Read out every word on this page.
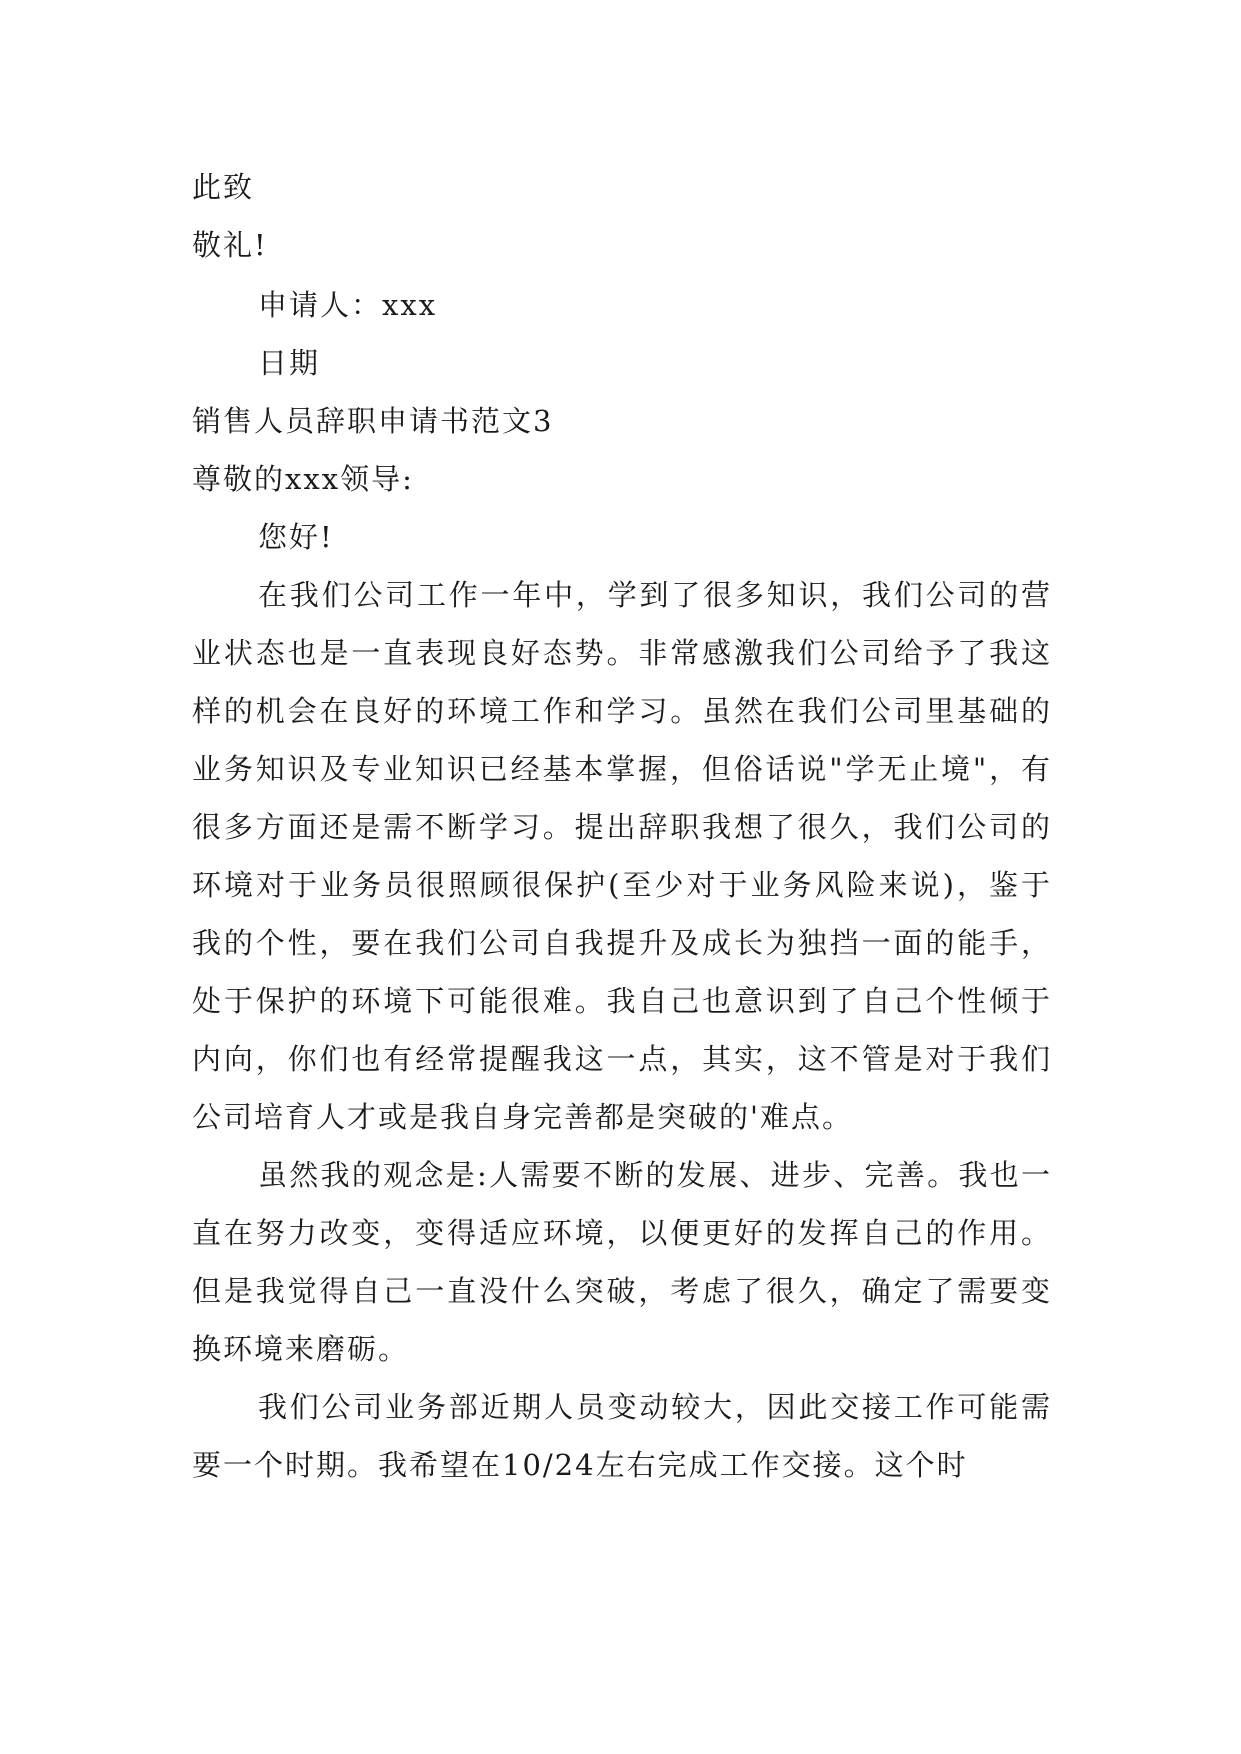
此致
敬礼!
申请人：xxx
日期
销售人员辞职申请书范文3
尊敬的xxx领导:
您好!
在我们公司工作一年中，学到了很多知识，我们公司的营业状态也是一直表现良好态势。非常感激我们公司给予了我这样的机会在良好的环境工作和学习。虽然在我们公司里基础的业务知识及专业知识已经基本掌握，但俗话说"学无止境"，有很多方面还是需不断学习。提出辞职我想了很久，我们公司的环境对于业务员很照顾很保护(至少对于业务风险来说)，鉴于我的个性，要在我们公司自我提升及成长为独挡一面的能手，处于保护的环境下可能很难。我自己也意识到了自己个性倾于内向，你们也有经常提醒我这一点，其实，这不管是对于我们公司培育人才或是我自身完善都是突破的'难点。
虽然我的观念是:人需要不断的发展、进步、完善。我也一直在努力改变，变得适应环境，以便更好的发挥自己的作用。但是我觉得自己一直没什么突破，考虑了很久，确定了需要变换环境来磨砺。
我们公司业务部近期人员变动较大，因此交接工作可能需要一个时期。我希望在10/24左右完成工作交接。这个时
